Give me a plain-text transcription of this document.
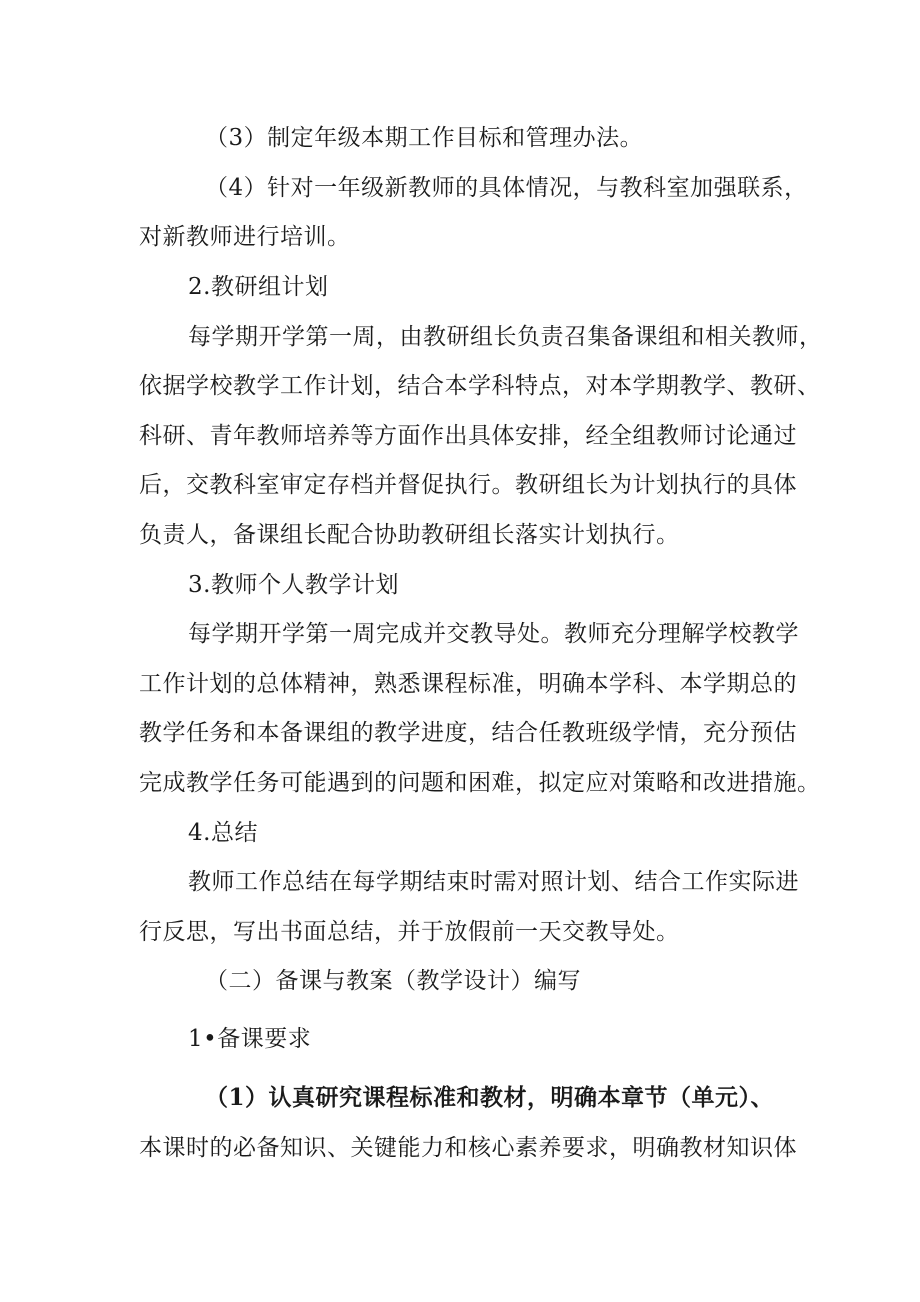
（3）制定年级本期工作目标和管理办法。
（4）针对一年级新教师的具体情况，与教科室加强联系，
对新教师进行培训。
2.教研组计划
每学期开学第一周，由教研组长负责召集备课组和相关教师，
依据学校教学工作计划，结合本学科特点，对本学期教学、教研、
科研、青年教师培养等方面作出具体安排，经全组教师讨论通过
后，交教科室审定存档并督促执行。教研组长为计划执行的具体
负责人，备课组长配合协助教研组长落实计划执行。
3.教师个人教学计划
每学期开学第一周完成并交教导处。教师充分理解学校教学
工作计划的总体精神，熟悉课程标准，明确本学科、本学期总的
教学任务和本备课组的教学进度，结合任教班级学情，充分预估
完成教学任务可能遇到的问题和困难，拟定应对策略和改进措施。
4.总结
教师工作总结在每学期结束时需对照计划、结合工作实际进
行反思，写出书面总结，并于放假前一天交教导处。
（二）备课与教案（教学设计）编写
1•备课要求
（1）认真研究课程标准和教材，明确本章节（单元）、
本课时的必备知识、关键能力和核心素养要求，明确教材知识体
